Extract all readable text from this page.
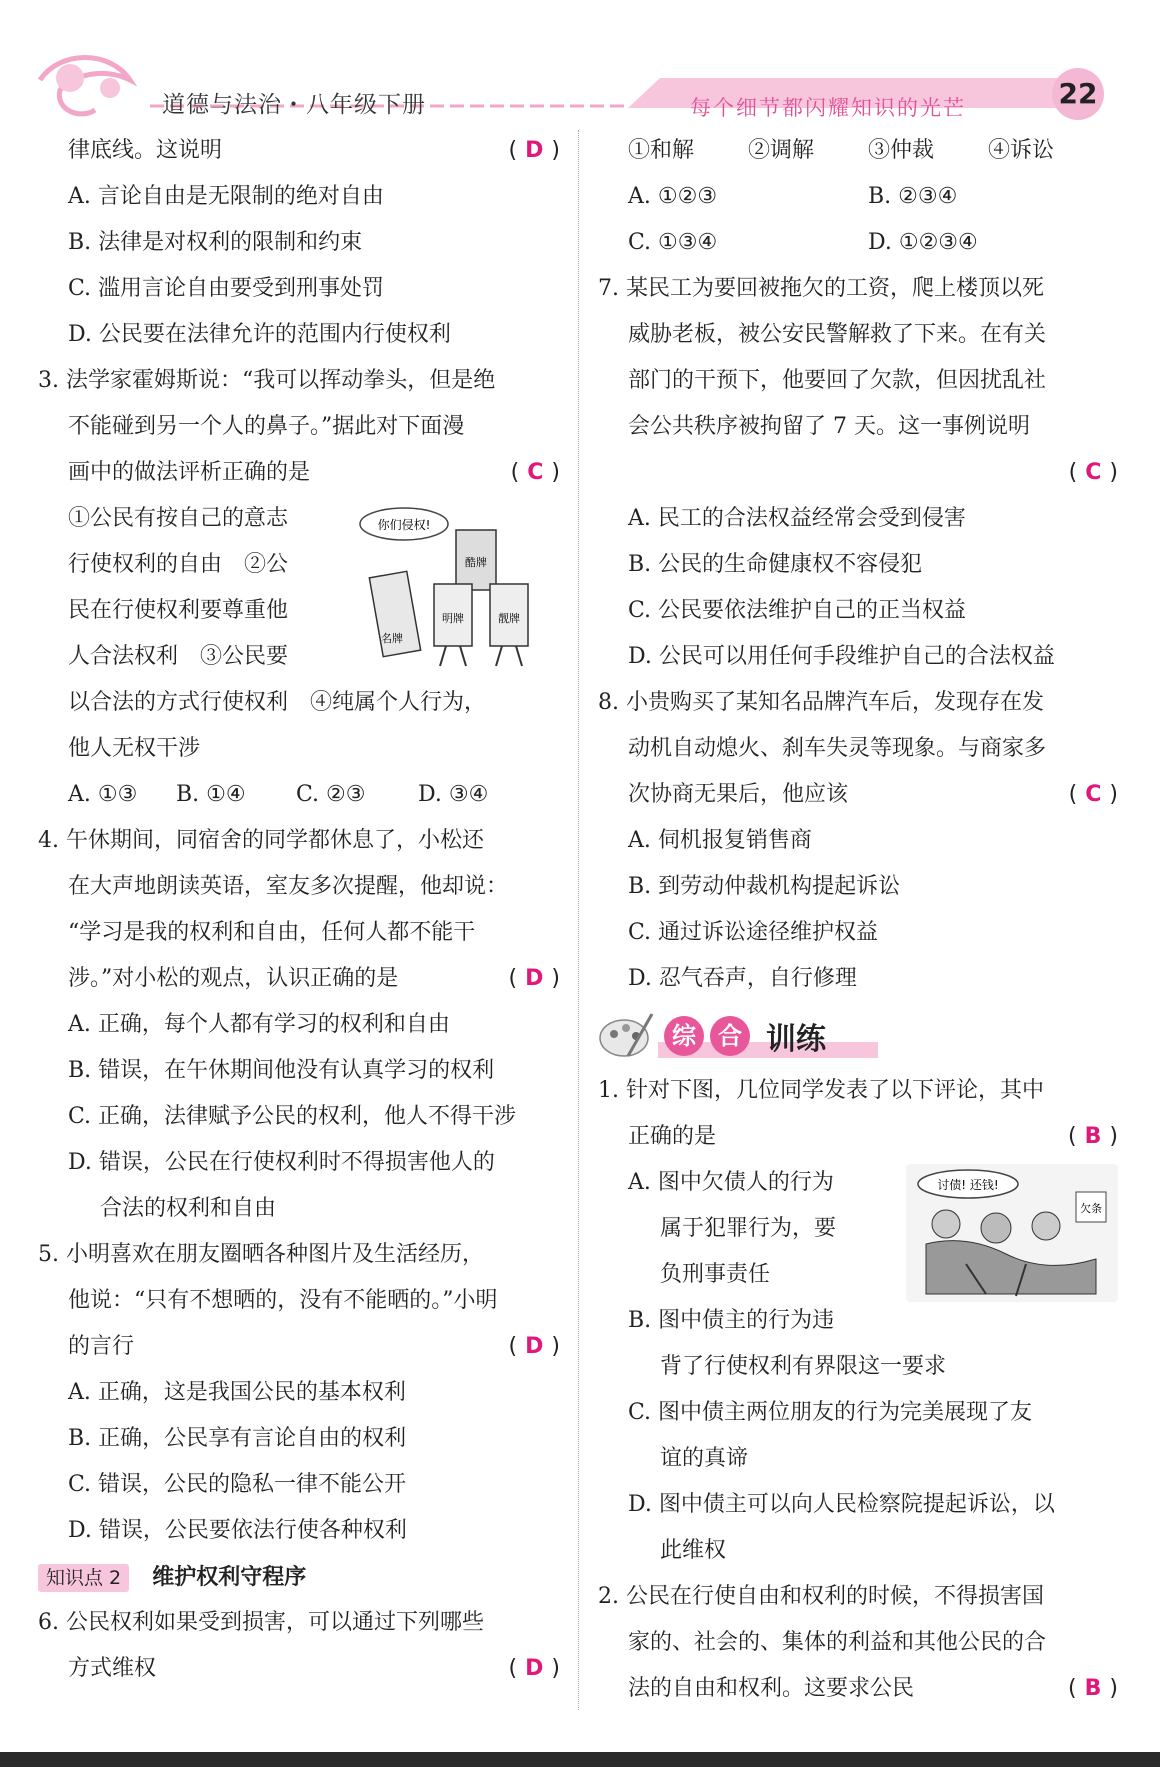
道德与法治・八年级下册	每个细节都闪耀知识的光芒	22
律底线。这说明	( D )
A. 言论自由是无限制的绝对自由
B. 法律是对权利的限制和约束
C. 滥用言论自由要受到刑事处罚
D. 公民要在法律允许的范围内行使权利
3. 法学家霍姆斯说：“我可以挥动拳头，但是绝
不能碰到另一个人的鼻子。”据此对下面漫
画中的做法评析正确的是	( C )
①公民有按自己的意志
行使权利的自由　②公
民在行使权利要尊重他
人合法权利　③公民要
你们侵权!
名牌
酷牌
明牌	靓牌
以合法的方式行使权利　④纯属个人行为，
他人无权干涉
A. ①③	B. ①④	C. ②③	D. ③④
4. 午休期间，同宿舍的同学都休息了，小松还
在大声地朗读英语，室友多次提醒，他却说：
“学习是我的权利和自由，任何人都不能干
涉。”对小松的观点，认识正确的是	( D )
A. 正确，每个人都有学习的权利和自由
B. 错误，在午休期间他没有认真学习的权利
C. 正确，法律赋予公民的权利，他人不得干涉
D. 错误，公民在行使权利时不得损害他人的
合法的权利和自由
5. 小明喜欢在朋友圈晒各种图片及生活经历，
他说：“只有不想晒的，没有不能晒的。”小明
的言行	( D )
A. 正确，这是我国公民的基本权利
B. 正确，公民享有言论自由的权利
C. 错误，公民的隐私一律不能公开
D. 错误，公民要依法行使各种权利
知识点 2 维护权利守程序
6. 公民权利如果受到损害，可以通过下列哪些
方式维权	( D )
①和解	②调解	③仲裁	④诉讼
A. ①②③	B. ②③④
C. ①③④	D. ①②③④
7. 某民工为要回被拖欠的工资，爬上楼顶以死
威胁老板，被公安民警解救了下来。在有关
部门的干预下，他要回了欠款，但因扰乱社
会公共秩序被拘留了 7 天。这一事例说明
( C )
A. 民工的合法权益经常会受到侵害
B. 公民的生命健康权不容侵犯
C. 公民要依法维护自己的正当权益
D. 公民可以用任何手段维护自己的合法权益
8. 小贵购买了某知名品牌汽车后，发现存在发
动机自动熄火、刹车失灵等现象。与商家多
次协商无果后，他应该	( C )
A. 伺机报复销售商
B. 到劳动仲裁机构提起诉讼
C. 通过诉讼途径维护权益
D. 忍气吞声，自行修理
综 合 训练
1. 针对下图，几位同学发表了以下评论，其中
正确的是	( B )
A. 图中欠债人的行为
属于犯罪行为，要
负刑事责任
B. 图中债主的行为违
讨债! 还钱!
欠条
背了行使权利有界限这一要求
C. 图中债主两位朋友的行为完美展现了友
谊的真谛
D. 图中债主可以向人民检察院提起诉讼，以
此维权
2. 公民在行使自由和权利的时候，不得损害国
家的、社会的、集体的利益和其他公民的合
法的自由和权利。这要求公民	( B )
